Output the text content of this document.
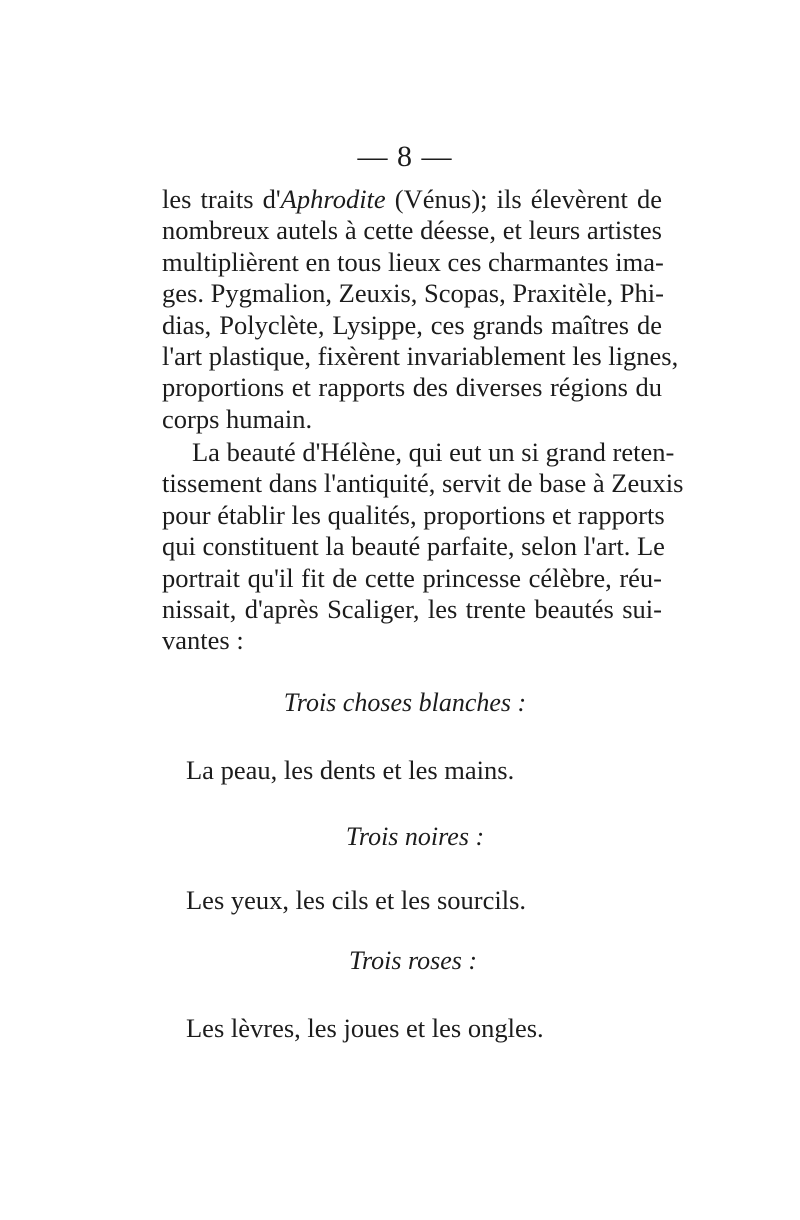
— 8 —
les traits d'Aphrodite (Vénus); ils élevèrent de
nombreux autels à cette déesse, et leurs artistes
multiplièrent en tous lieux ces charmantes ima-
ges. Pygmalion, Zeuxis, Scopas, Praxitèle, Phi-
dias, Polyclète, Lysippe, ces grands maîtres de
l'art plastique, fixèrent invariablement les lignes,
proportions et rapports des diverses régions du
corps humain.
La beauté d'Hélène, qui eut un si grand reten-
tissement dans l'antiquité, servit de base à Zeuxis
pour établir les qualités, proportions et rapports
qui constituent la beauté parfaite, selon l'art. Le
portrait qu'il fit de cette princesse célèbre, réu-
nissait, d'après Scaliger, les trente beautés sui-
vantes :
Trois choses blanches :
La peau, les dents et les mains.
Trois noires :
Les yeux, les cils et les sourcils.
Trois roses :
Les lèvres, les joues et les ongles.
